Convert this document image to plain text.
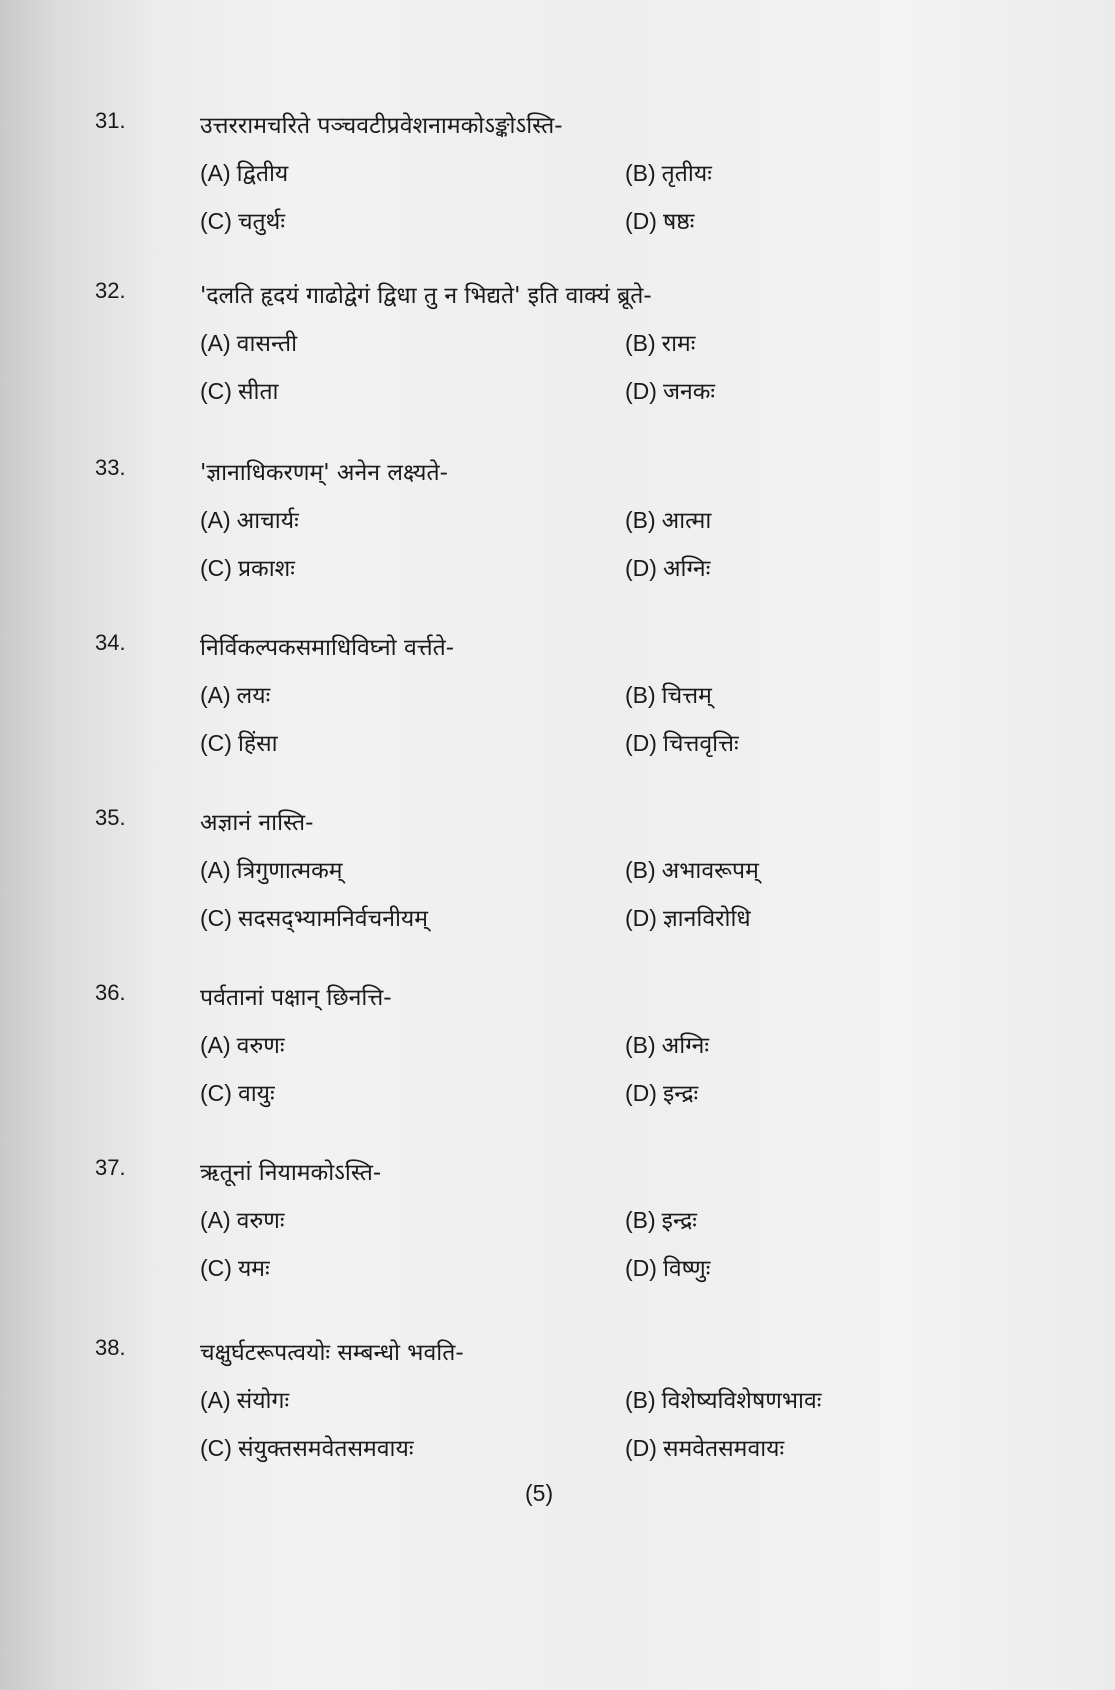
31.	उत्तररामचरिते पञ्चवटीप्रवेशनामकोऽङ्कोऽस्ति-
(A) द्वितीय	(B) तृतीयः
(C) चतुर्थः	(D) षष्ठः
32.	'दलति हृदयं गाढोद्वेगं द्विधा तु न भिद्यते' इति वाक्यं ब्रूते-
(A) वासन्ती	(B) रामः
(C) सीता	(D) जनकः
33.	'ज्ञानाधिकरणम्' अनेन लक्ष्यते-
(A) आचार्यः	(B) आत्मा
(C) प्रकाशः	(D) अग्निः
34.	निर्विकल्पकसमाधिविघ्नो वर्त्तते-
(A) लयः	(B) चित्तम्
(C) हिंसा	(D) चित्तवृत्तिः
35.	अज्ञानं नास्ति-
(A) त्रिगुणात्मकम्	(B) अभावरूपम्
(C) सदसद्भ्यामनिर्वचनीयम्	(D) ज्ञानविरोधि
36.	पर्वतानां पक्षान् छिनत्ति-
(A) वरुणः	(B) अग्निः
(C) वायुः	(D) इन्द्रः
37.	ऋतूनां नियामकोऽस्ति-
(A) वरुणः	(B) इन्द्रः
(C) यमः	(D) विष्णुः
38.	चक्षुर्घटरूपत्वयोः सम्बन्धो भवति-
(A) संयोगः	(B) विशेष्यविशेषणभावः
(C) संयुक्तसमवेतसमवायः	(D) समवेतसमवायः
(5)
